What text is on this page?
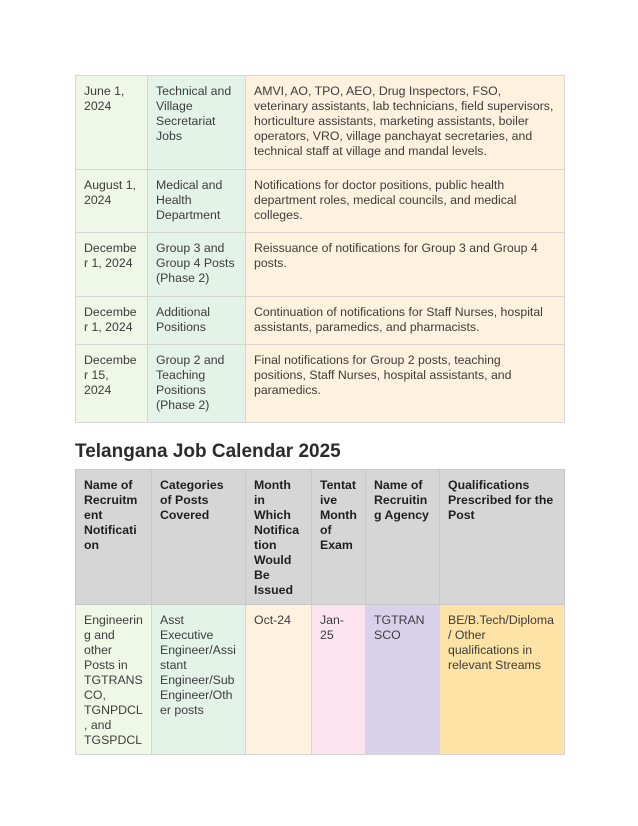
June 1, 2024	Technical and Village Secretariat Jobs	AMVI, AO, TPO, AEO, Drug Inspectors, FSO, veterinary assistants, lab technicians, field supervisors, horticulture assistants, marketing assistants, boiler operators, VRO, village panchayat secretaries, and technical staff at village and mandal levels.
August 1, 2024	Medical and Health Department	Notifications for doctor positions, public health department roles, medical councils, and medical colleges.
December 1, 2024	Group 3 and Group 4 Posts (Phase 2)	Reissuance of notifications for Group 3 and Group 4 posts.
December 1, 2024	Additional Positions	Continuation of notifications for Staff Nurses, hospital assistants, paramedics, and pharmacists.
December 15, 2024	Group 2 and Teaching Positions (Phase 2)	Final notifications for Group 2 posts, teaching positions, Staff Nurses, hospital assistants, and paramedics.
Telangana Job Calendar 2025
Name of Recruitment Notification	Categories of Posts Covered	Month in Which Notification Would Be Issued	Tentative Month of Exam	Name of Recruiting Agency	Qualifications Prescribed for the Post
Engineering and other Posts in TGTRANSCO, TGNPDCL, and TGSPDCL	Asst Executive Engineer/Assistant Engineer/Sub Engineer/Other posts	Oct-24	Jan-25	TGTRANSCO	BE/B.Tech/Diploma/ Other qualifications in relevant Streams
